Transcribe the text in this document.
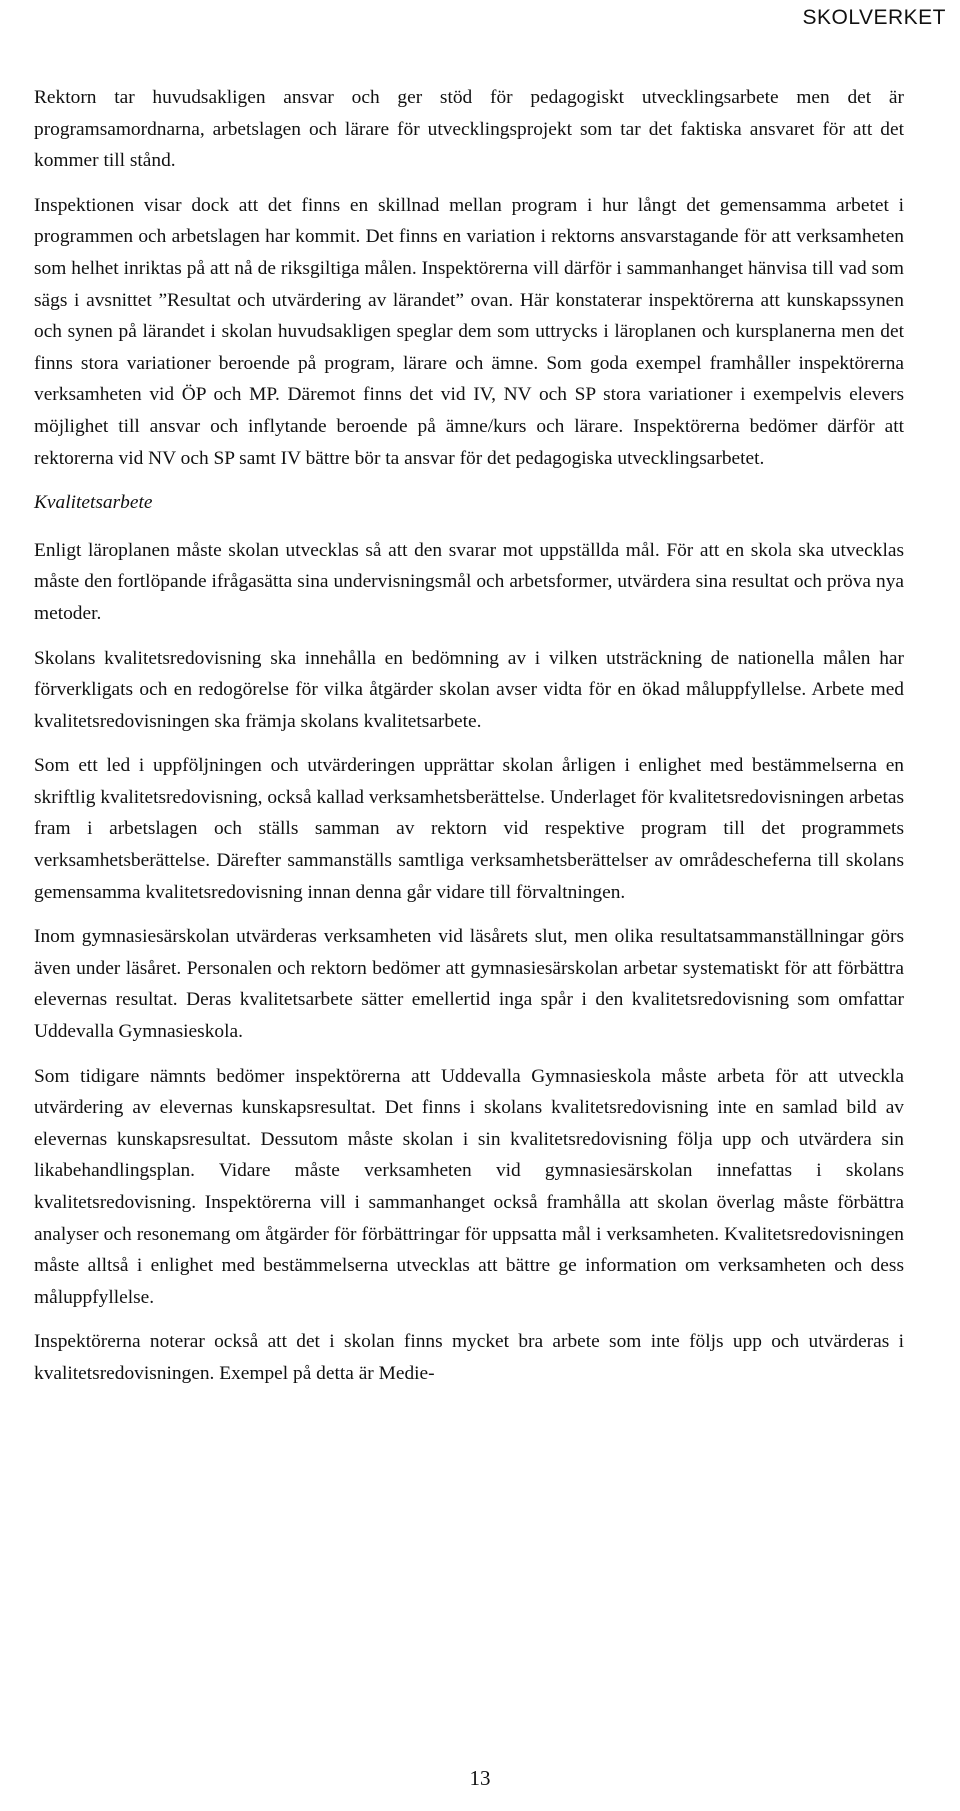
SKOLVERKET

Rektorn tar huvudsakligen ansvar och ger stöd för pedagogiskt utvecklingsarbete men det är programsamordnarna, arbetslagen och lärare för utvecklingsprojekt som tar det faktiska ansvaret för att det kommer till stånd.

Inspektionen visar dock att det finns en skillnad mellan program i hur långt det gemensamma arbetet i programmen och arbetslagen har kommit. Det finns en variation i rektorns ansvarstagande för att verksamheten som helhet inriktas på att nå de riksgiltiga målen. Inspektörerna vill därför i sammanhanget hänvisa till vad som sägs i avsnittet ”Resultat och utvärdering av lärandet” ovan. Här konstaterar inspektörerna att kunskapssynen och synen på lärandet i skolan huvudsakligen speglar dem som uttrycks i läroplanen och kursplanerna men det finns stora variationer beroende på program, lärare och ämne. Som goda exempel framhåller inspektörerna verksamheten vid ÖP och MP. Däremot finns det vid IV, NV och SP stora variationer i exempelvis elevers möjlighet till ansvar och inflytande beroende på ämne/kurs och lärare. Inspektörerna bedömer därför att rektorerna vid NV och SP samt IV bättre bör ta ansvar för det pedagogiska utvecklingsarbetet.

Kvalitetsarbete

Enligt läroplanen måste skolan utvecklas så att den svarar mot uppställda mål. För att en skola ska utvecklas måste den fortlöpande ifrågasätta sina undervisningsmål och arbetsformer, utvärdera sina resultat och pröva nya metoder.

Skolans kvalitetsredovisning ska innehålla en bedömning av i vilken utsträckning de nationella målen har förverkligats och en redogörelse för vilka åtgärder skolan avser vidta för en ökad måluppfyllelse. Arbete med kvalitetsredovisningen ska främja skolans kvalitetsarbete.

Som ett led i uppföljningen och utvärderingen upprättar skolan årligen i enlighet med bestämmelserna en skriftlig kvalitetsredovisning, också kallad verksamhetsberättelse. Underlaget för kvalitetsredovisningen arbetas fram i arbetslagen och ställs samman av rektorn vid respektive program till det programmets verksamhetsberättelse. Därefter sammanställs samtliga verksamhetsberättelser av områdescheferna till skolans gemensamma kvalitetsredovisning innan denna går vidare till förvaltningen.

Inom gymnasiesärskolan utvärderas verksamheten vid läsårets slut, men olika resultatsammanställningar görs även under läsåret. Personalen och rektorn bedömer att gymnasiesärskolan arbetar systematiskt för att förbättra elevernas resultat. Deras kvalitetsarbete sätter emellertid inga spår i den kvalitetsredovisning som omfattar Uddevalla Gymnasieskola.

Som tidigare nämnts bedömer inspektörerna att Uddevalla Gymnasieskola måste arbeta för att utveckla utvärdering av elevernas kunskapsresultat. Det finns i skolans kvalitetsredovisning inte en samlad bild av elevernas kunskapsresultat. Dessutom måste skolan i sin kvalitetsredovisning följa upp och utvärdera sin likabehandlingsplan. Vidare måste verksamheten vid gymnasiesärskolan innefattas i skolans kvalitetsredovisning. Inspektörerna vill i sammanhanget också framhålla att skolan överlag måste förbättra analyser och resonemang om åtgärder för förbättringar för uppsatta mål i verksamheten. Kvalitetsredovisningen måste alltså i enlighet med bestämmelserna utvecklas att bättre ge information om verksamheten och dess måluppfyllelse.

Inspektörerna noterar också att det i skolan finns mycket bra arbete som inte följs upp och utvärderas i kvalitetsredovisningen. Exempel på detta är Medie-

13
